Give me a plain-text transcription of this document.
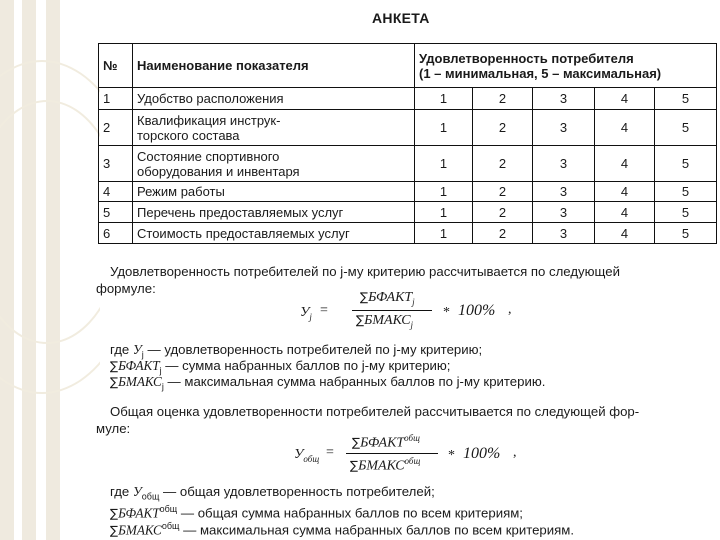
АНКЕТА
№	Наименование показателя	Удовлетворенность потребителя
(1 – минимальная, 5 – максимальная)				

1	Удобство расположения	1	2	3	4	5
2	Квалификация инструк-
торского состава	1	2	3	4	5
3	Состояние спортивного
оборудования и инвентаря	1	2	3	4	5
4	Режим работы	1	2	3	4	5
5	Перечень предоставляемых услуг	1	2	3	4	5
6	Стоимость предоставляемых услуг	1	2	3	4	5
Удовлетворенность потребителей по j-му критерию рассчитывается по следующей
формуле:
$У_j$ =
$\sum БФАКТ_j$
$\sum БМАКС_j$
* 100% ,
где $У_j$ — удовлетворенность потребителей по j-му критерию;
$\sum БФАКТ_j$ — сумма набранных баллов по j-му критерию;
$\sum БМАКС_j$ — максимальная сумма набранных баллов по j-му критерию.
Общая оценка удовлетворенности потребителей рассчитывается по следующей фор-
муле:
$У_{общ}$ =
$\sum БФАКТ^{общ}$
$\sum БМАКС^{общ} * 100\%$ ,
где $У_{общ}$ — общая удовлетворенность потребителей;
$\sum БФАКТ^{общ}$ — общая сумма набранных баллов по всем критериям;
$\sum БМАКС^{общ}$ — максимальная сумма набранных баллов по всем критериям.
